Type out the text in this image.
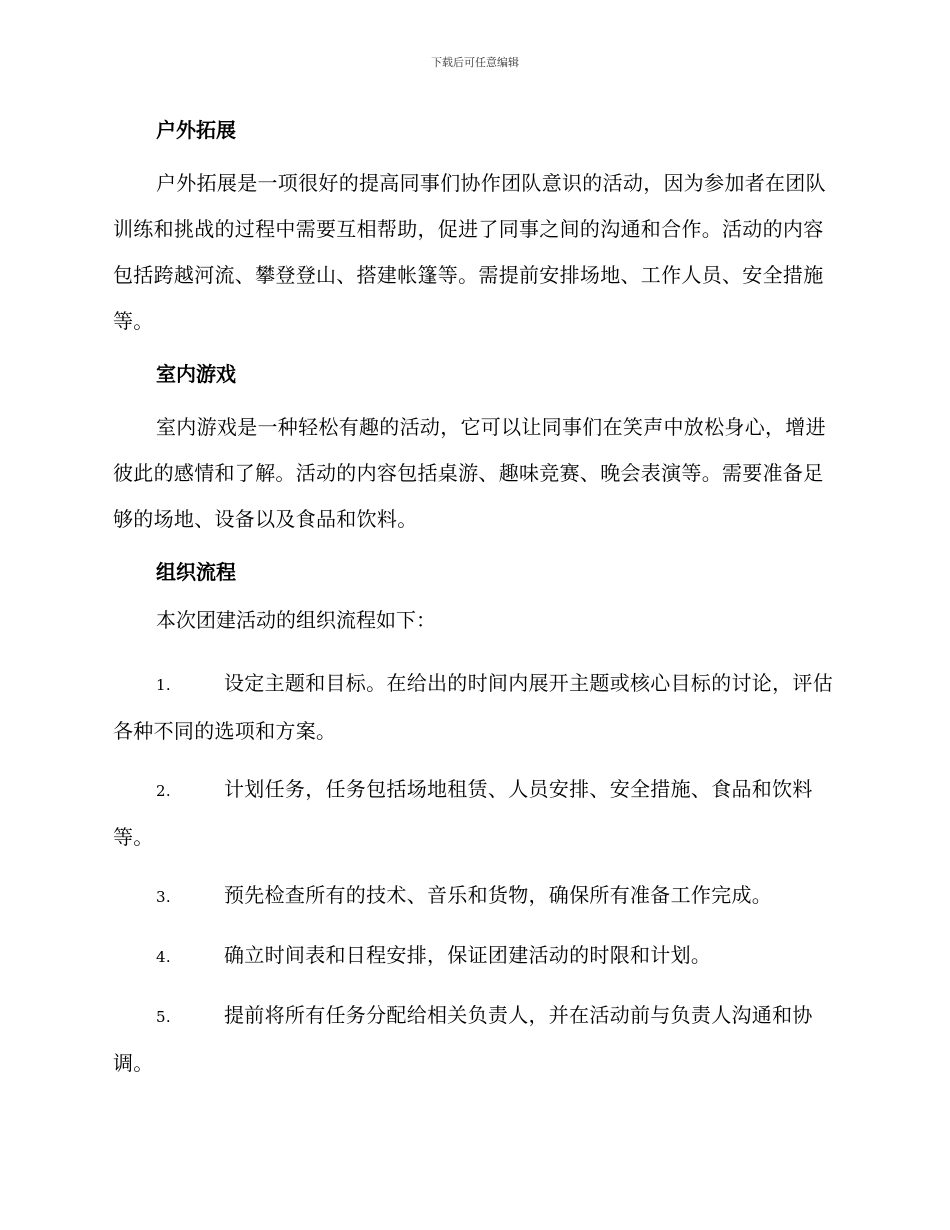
下载后可任意编辑
户外拓展

户外拓展是一项很好的提高同事们协作团队意识的活动，因为参加者在团队训练和挑战的过程中需要互相帮助，促进了同事之间的沟通和合作。活动的内容包括跨越河流、攀登登山、搭建帐篷等。需提前安排场地、工作人员、安全措施等。

室内游戏

室内游戏是一种轻松有趣的活动，它可以让同事们在笑声中放松身心，增进彼此的感情和了解。活动的内容包括桌游、趣味竞赛、晚会表演等。需要准备足够的场地、设备以及食品和饮料。

组织流程
本次团建活动的组织流程如下：
1.	设定主题和目标。在给出的时间内展开主题或核心目标的讨论，评估各种不同的选项和方案。
2.	计划任务，任务包括场地租赁、人员安排、安全措施、食品和饮料等。
3.	预先检查所有的技术、音乐和货物，确保所有准备工作完成。
4.	确立时间表和日程安排，保证团建活动的时限和计划。
5.	提前将所有任务分配给相关负责人，并在活动前与负责人沟通和协调。
